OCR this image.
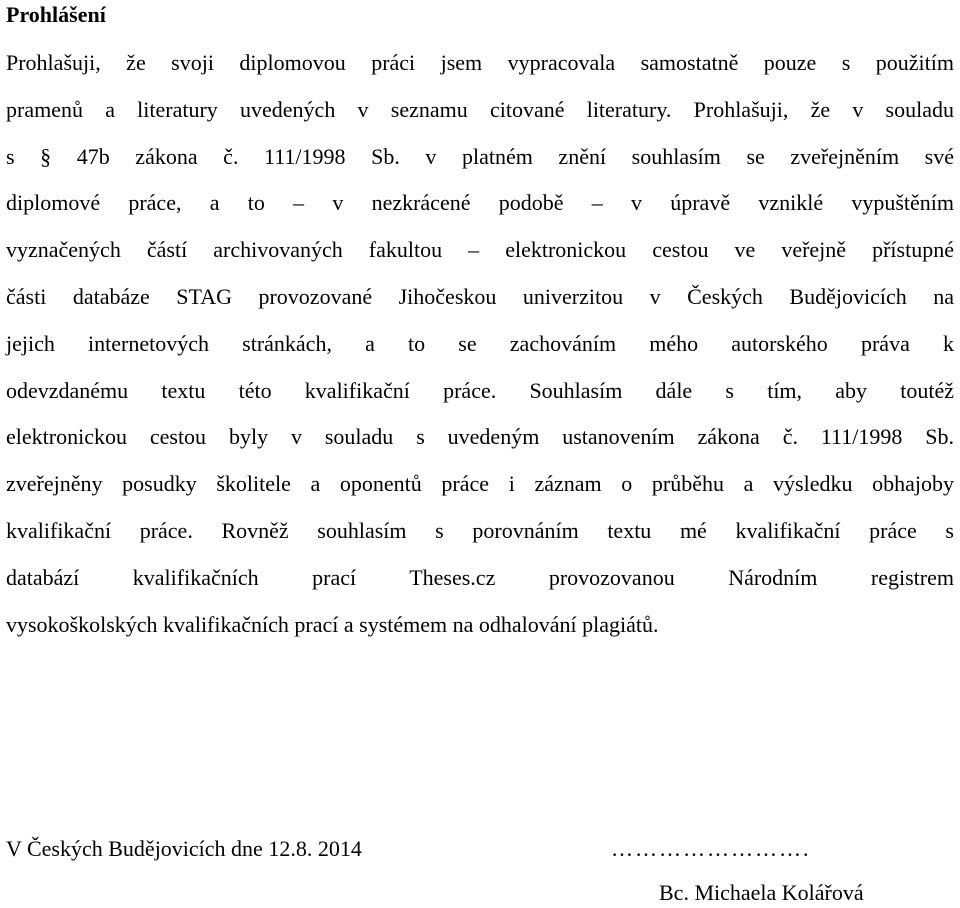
Prohlášení
Prohlašuji, že svoji diplomovou práci jsem vypracovala samostatně pouze s použitím
pramenů a literatury uvedených v seznamu citované literatury. Prohlašuji, že v souladu
s § 47b zákona č. 111/1998 Sb. v platném znění souhlasím se zveřejněním své
diplomové práce, a to – v nezkrácené podobě – v úpravě vzniklé vypuštěním
vyznačených částí archivovaných fakultou – elektronickou cestou ve veřejně přístupné
části databáze STAG provozované Jihočeskou univerzitou v Českých Budějovicích na
jejich internetových stránkách, a to se zachováním mého autorského práva k
odevzdanému textu této kvalifikační práce. Souhlasím dále s tím, aby toutéž
elektronickou cestou byly v souladu s uvedeným ustanovením zákona č. 111/1998 Sb.
zveřejněny posudky školitele a oponentů práce i záznam o průběhu a výsledku obhajoby
kvalifikační práce. Rovněž souhlasím s porovnáním textu mé kvalifikační práce s
databází kvalifikačních prací Theses.cz provozovanou Národním registrem
vysokoškolských kvalifikačních prací a systémem na odhalování plagiátů.

V Českých Budějovicích dne 12.8. 2014	…………………….
Bc. Michaela Kolářová
